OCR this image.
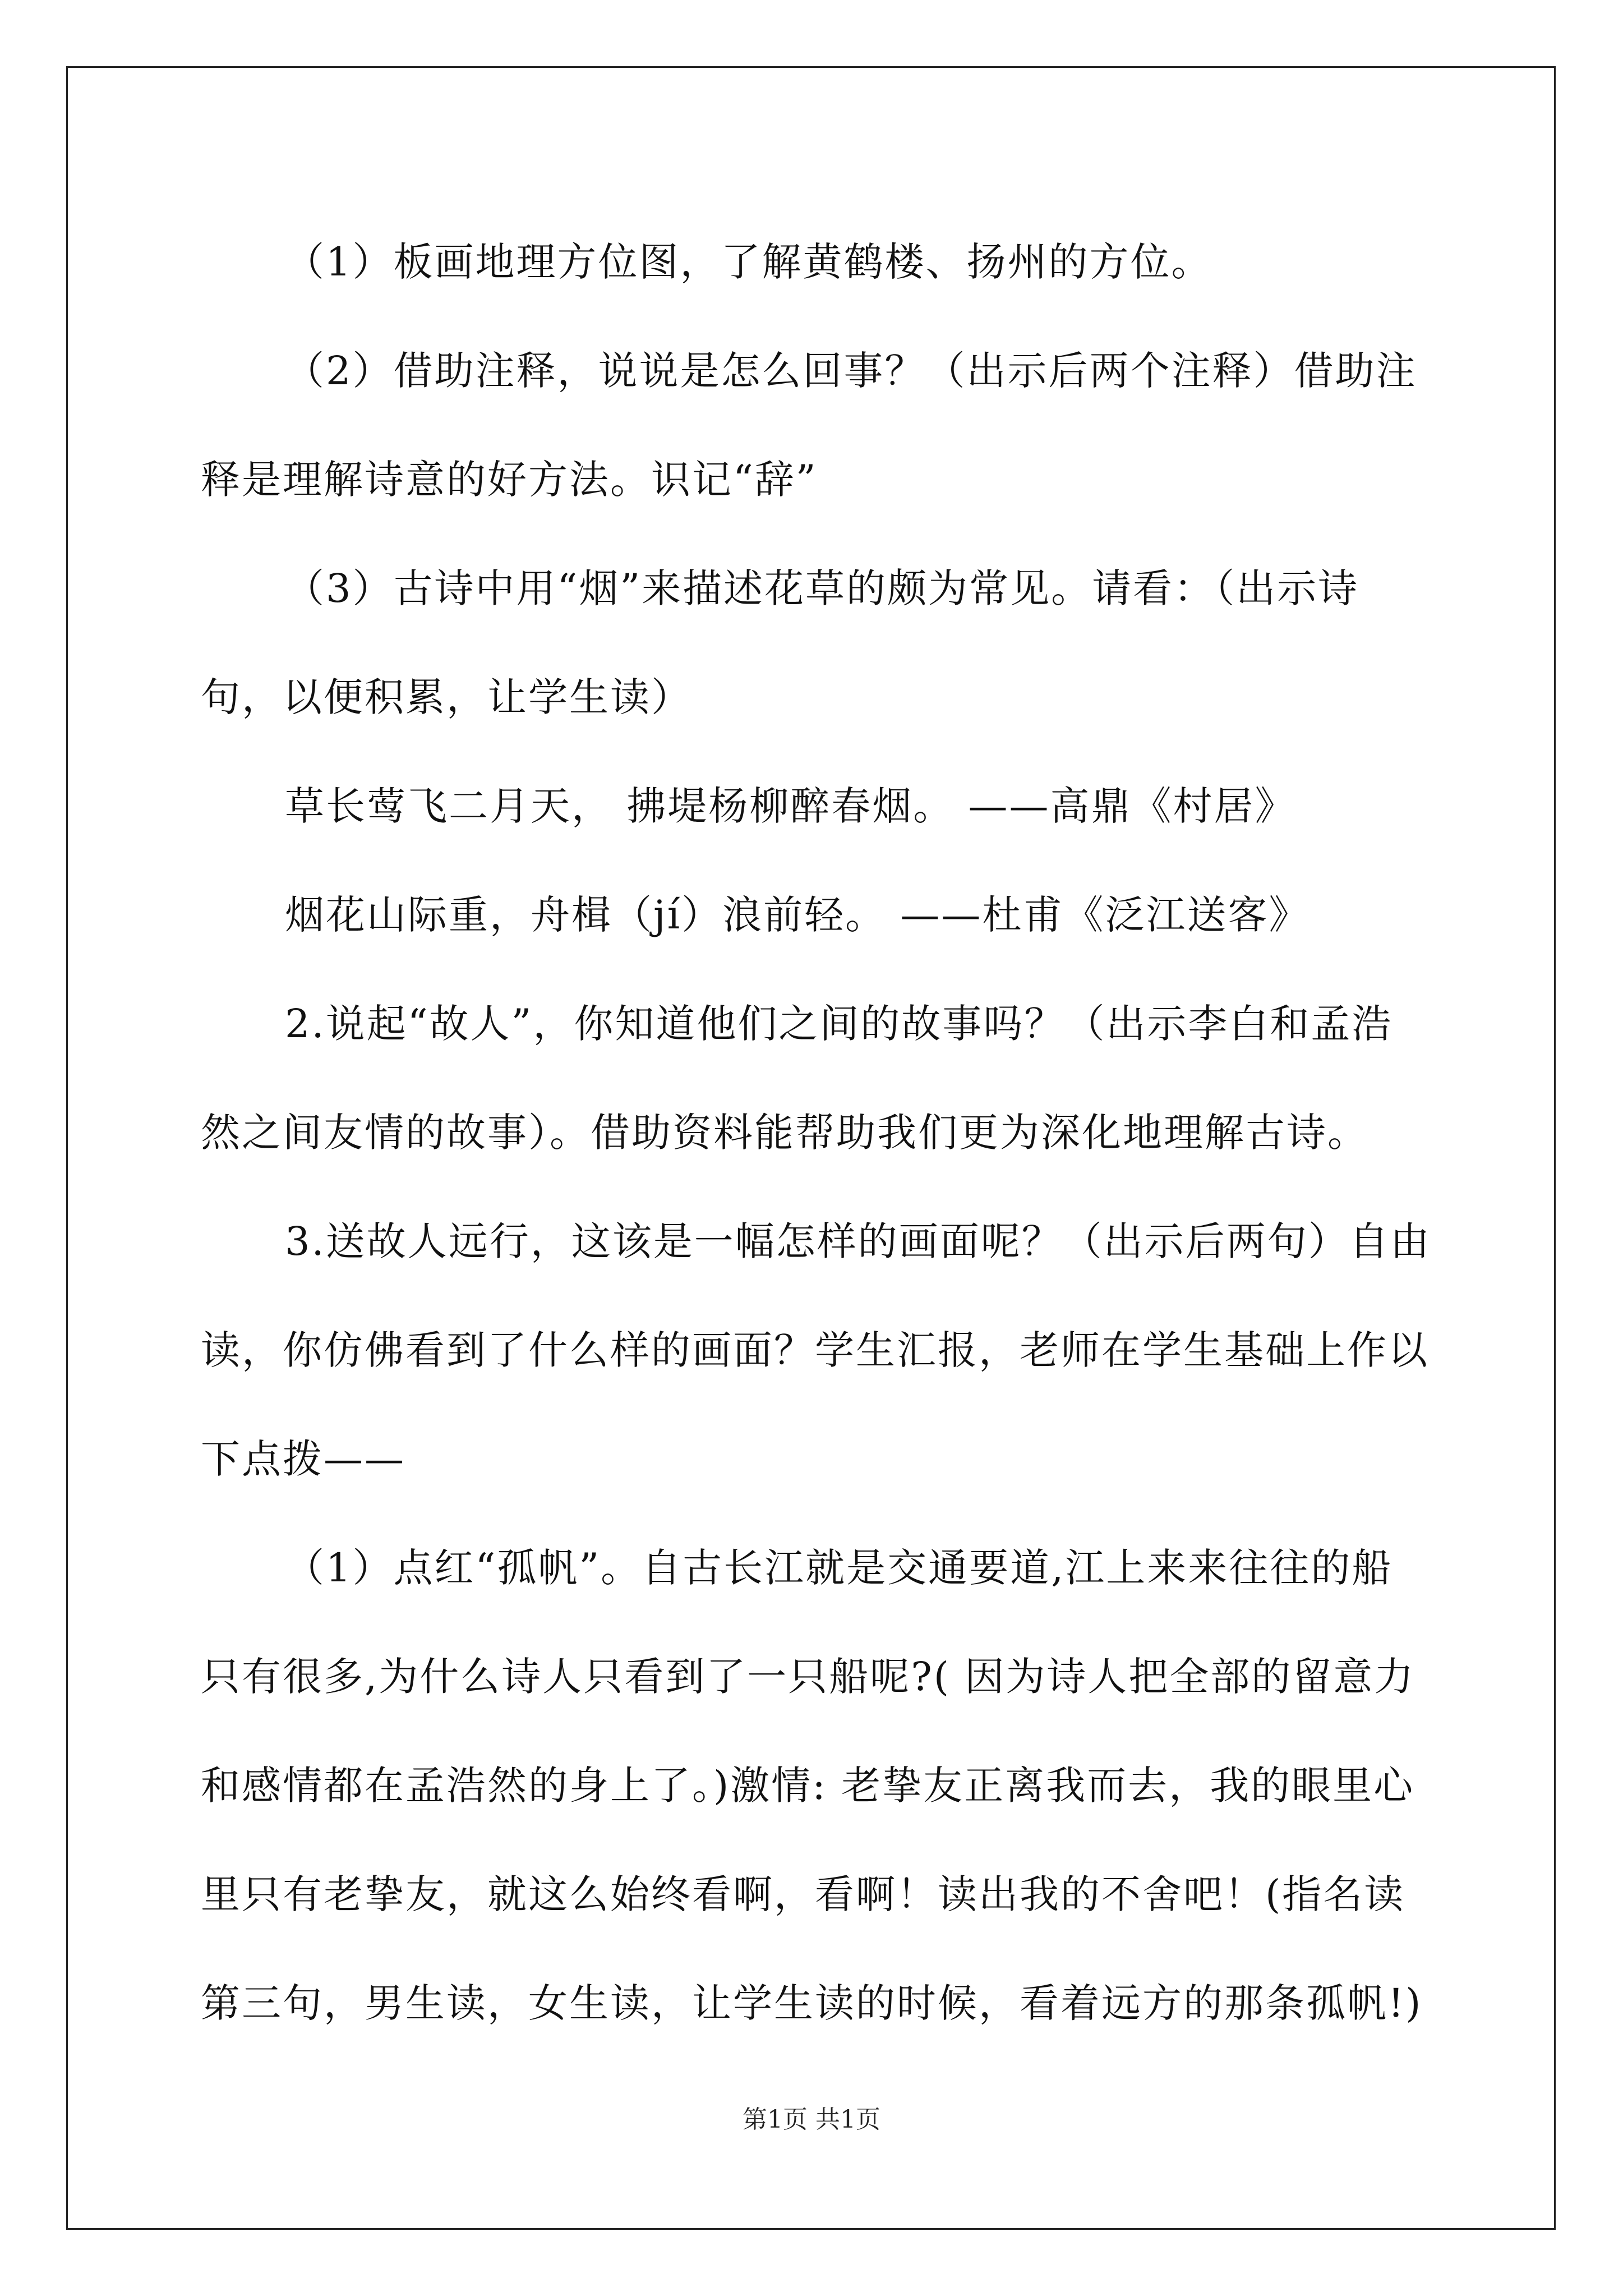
（1）板画地理方位图，了解黄鹤楼、扬州的方位。

（2）借助注释，说说是怎么回事？（出示后两个注释）借助注释是理解诗意的好方法。识记“辞”

（3）古诗中用“烟”来描述花草的颇为常见。请看：（出示诗句，以便积累，让学生读）

草长莺飞二月天， 拂堤杨柳醉春烟。 ——高鼎《村居》

烟花山际重，舟楫（jí）浪前轻。 ——杜甫《泛江送客》

2.说起“故人”，你知道他们之间的故事吗？（出示李白和孟浩然之间友情的故事）。借助资料能帮助我们更为深化地理解古诗。

3.送故人远行，这该是一幅怎样的画面呢？（出示后两句）自由读，你仿佛看到了什么样的画面？学生汇报，老师在学生基础上作以下点拨——

（1）点红“孤帆”。自古长江就是交通要道,江上来来往往的船只有很多,为什么诗人只看到了一只船呢?( 因为诗人把全部的留意力和感情都在孟浩然的身上了。)激情: 老挚友正离我而去，我的眼里心里只有老挚友，就这么始终看啊，看啊！读出我的不舍吧！(指名读第三句，男生读，女生读，让学生读的时候，看着远方的那条孤帆!)

第1页 共1页
